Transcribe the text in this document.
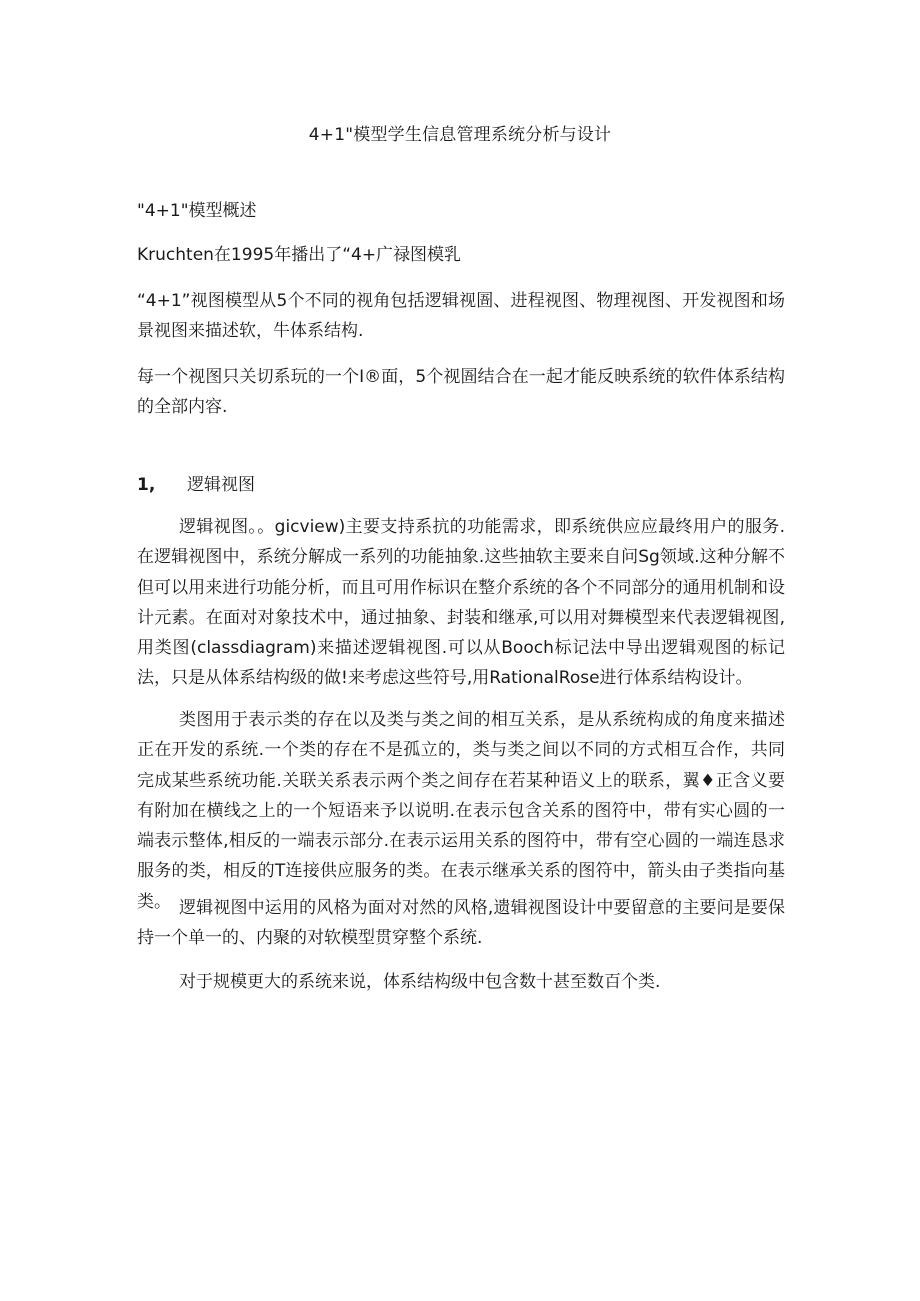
4+1"模型学生信息管理系统分析与设计

"4+1"模型概述

Kruchten在1995年播出了“4+广禄图模乳

“4+1”视图模型从5个不同的视角包括逻辑视圄、进程视图、物理视图、开发视图和场景视图来描述软，牛体系结构.

每一个视图只关切系玩的一个I®面，5个视圄结合在一起才能反映系统的软件体系结构的全部内容.

1, 逻辑视图

逻辑视图。。gicview)主要支持系抗的功能需求，即系统供应应最终用户的服务.在逻辑视图中，系统分解成一系列的功能抽象.这些抽软主要来自问Sg领域.这种分解不但可以用来进行功能分析，而且可用作标识在整介系统的各个不同部分的通用机制和设计元素。在面对对象技术中，通过抽象、封装和继承,可以用对舞模型来代表逻辑视图,用类图(classdiagram)来描述逻辑视图.可以从Booch标记法中导出逻辑观图的标记法，只是从体系结构级的做!来考虑这些符号,用RationalRose进行体系结构设计。

类图用于表示类的存在以及类与类之间的相互关系，是从系统构成的角度来描述正在开发的系统.一个类的存在不是孤立的，类与类之间以不同的方式相互合作，共同完成某些系统功能.关联关系表示两个类之间存在若某种语义上的联系，翼♦正含义要有附加在横线之上的一个短语来予以说明.在表示包含关系的图符中，带有实心圆的一端表示整体,相反的一端表示部分.在表示运用关系的图符中，带有空心圆的一端连恳求服务的类，相反的T连接供应服务的类。在表示继承关系的图符中，箭头由子类指向基类。 逻辑视图中运用的风格为面对对然的风格,遗辑视图设计中要留意的主要问是要保持一个单一的、内聚的对软模型贯穿整个系统.

对于规模更大的系统来说，体系结构级中包含数十甚至数百个类.
